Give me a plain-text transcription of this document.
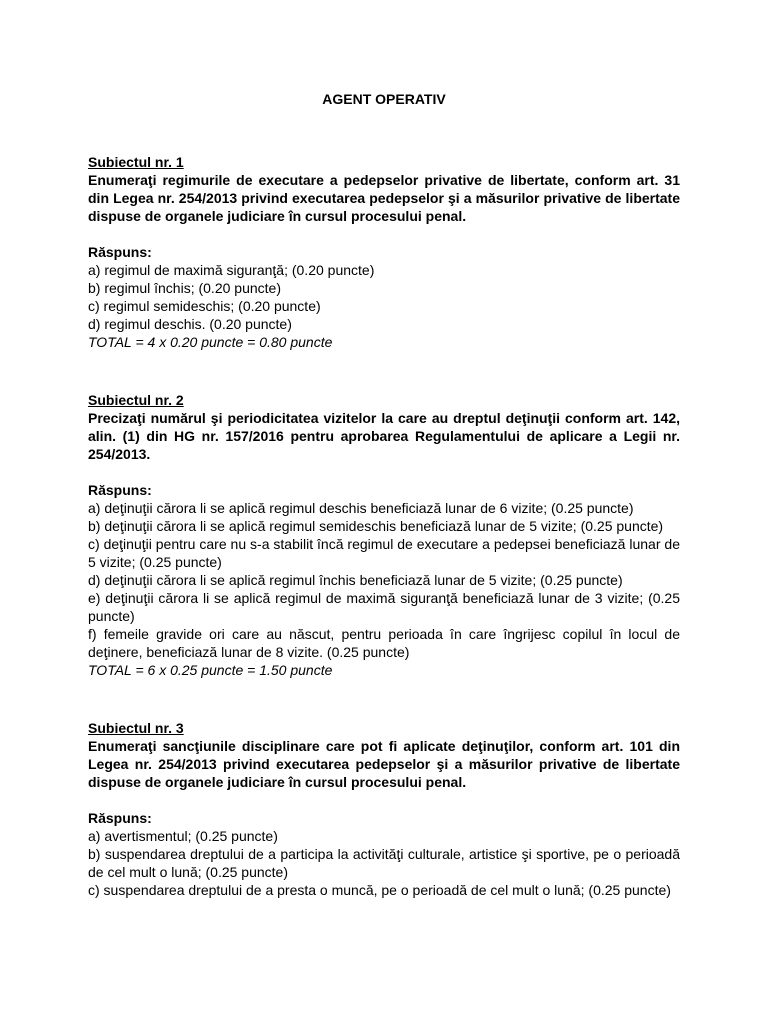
AGENT OPERATIV

Subiectul nr. 1

Enumeraţi regimurile de executare a pedepselor privative de libertate, conform art. 31 din Legea nr. 254/2013 privind executarea pedepselor şi a măsurilor privative de libertate dispuse de organele judiciare în cursul procesului penal.

Răspuns:

a) regimul de maximă siguranţă; (0.20 puncte)
b) regimul închis; (0.20 puncte)
c) regimul semideschis; (0.20 puncte)
d) regimul deschis. (0.20 puncte)

TOTAL = 4 x 0.20 puncte = 0.80 puncte

Subiectul nr. 2

Precizaţi numărul şi periodicitatea vizitelor la care au dreptul deţinuţii conform art. 142, alin. (1) din HG nr. 157/2016 pentru aprobarea Regulamentului de aplicare a Legii nr. 254/2013.

Răspuns:

a) deţinuţii cărora li se aplică regimul deschis beneficiază lunar de 6 vizite; (0.25 puncte)
b) deţinuţii cărora li se aplică regimul semideschis beneficiază lunar de 5 vizite; (0.25 puncte)
c) deţinuţii pentru care nu s-a stabilit încă regimul de executare a pedepsei beneficiază lunar de 5 vizite; (0.25 puncte)
d) deţinuţii cărora li se aplică regimul închis beneficiază lunar de 5 vizite; (0.25 puncte)
e) deţinuţii cărora li se aplică regimul de maximă siguranţă beneficiază lunar de 3 vizite; (0.25 puncte)
f) femeile gravide ori care au născut, pentru perioada în care îngrijesc copilul în locul de deţinere, beneficiază lunar de 8 vizite. (0.25 puncte)

TOTAL = 6 x 0.25 puncte = 1.50 puncte

Subiectul nr. 3

Enumeraţi sancţiunile disciplinare care pot fi aplicate deţinuţilor, conform art. 101 din Legea nr. 254/2013 privind executarea pedepselor şi a măsurilor privative de libertate dispuse de organele judiciare în cursul procesului penal.

Răspuns:

a) avertismentul; (0.25 puncte)
b) suspendarea dreptului de a participa la activităţi culturale, artistice şi sportive, pe o perioadă de cel mult o lună; (0.25 puncte)
c) suspendarea dreptului de a presta o muncă, pe o perioadă de cel mult o lună; (0.25 puncte)
